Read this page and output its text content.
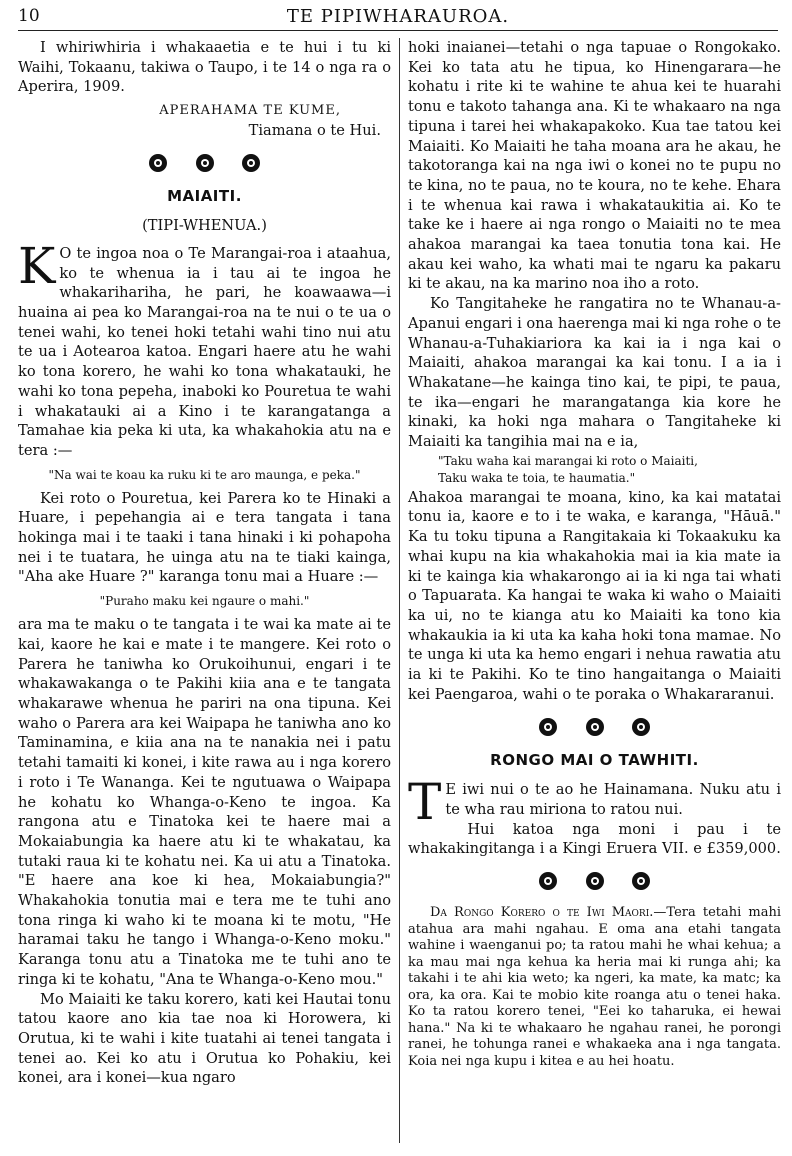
10	TE PIPIWHARAUROA.

I whiriwhiria i whakaaetia e te hui i tu ki Waihi, Tokaanu, takiwa o Taupo, i te 14 o nga ra o Aperira, 1909.

APERAHAMA TE KUME,

Tiamana o te Hui.

MAIAITI.

(TIPI-WHENUA.)

K O te ingoa noa o Te Marangai-roa i ataahua, ko te whenua ia i tau ai te ingoa he whakarihariha, he pari, he koawaawa—i huaina ai pea ko Marangai-roa na te nui o te ua o tenei wahi, ko tenei hoki tetahi wahi tino nui atu te ua i Aotearoa katoa. Engari haere atu he wahi ko tona korero, he wahi ko tona whakatauki, he wahi ko tona pepeha, inaboki ko Pouretua te wahi i whakatauki ai a Kino i te karangatanga a Tamahae kia peka ki uta, ka whakahokia atu na e tera :—

"Na wai te koau ka ruku ki te aro maunga, e peka."

Kei roto o Pouretua, kei Parera ko te Hinaki a Huare, i pepehangia ai e tera tangata i tana hokinga mai i te taaki i tana hinaki i ki pohapoha nei i te tuatara, he uinga atu na te tiaki kainga, "Aha ake Huare ?" karanga tonu mai a Huare :—

"Puraho maku kei ngaure o mahi."

ara ma te maku o te tangata i te wai ka mate ai te kai, kaore he kai e mate i te mangere. Kei roto o Parera he taniwha ko Orukoihunui, engari i te whakawakanga o te Pakihi kiia ana e te tangata whakarawe whenua he pariri na ona tipuna. Kei waho o Parera ara kei Waipapa he taniwha ano ko Taminamina, e kiia ana na te nanakia nei i patu tetahi tamaiti ki konei, i kite rawa au i nga korero i roto i Te Wananga. Kei te ngutuawa o Waipapa he kohatu ko Whanga-o-Keno te ingoa. Ka rangona atu e Tinatoka kei te haere mai a Mokaiabungia ka haere atu ki te whakatau, ka tutaki raua ki te kohatu nei. Ka ui atu a Tinatoka. "E haere ana koe ki hea, Mokaiabungia?" Whakahokia tonutia mai e tera me te tuhi ano tona ringa ki waho ki te moana ki te motu, "He haramai taku he tango i Whanga-o-Keno moku." Karanga tonu atu a Tinatoka me te tuhi ano te ringa ki te kohatu, "Ana te Whanga-o-Keno mou."

Mo Maiaiti ke taku korero, kati kei Hautai tonu tatou kaore ano kia tae noa ki Horowera, ki Orutua, ki te wahi i kite tuatahi ai tenei tangata i tenei ao. Kei ko atu i Orutua ko Pohakiu, kei konei, ara i konei—kua ngaro

hoki inaianei—tetahi o nga tapuae o Rongokako. Kei ko tata atu he tipua, ko Hinengarara—he kohatu i rite ki te wahine te ahua kei te huarahi tonu e takoto tahanga ana. Ki te whakaaro na nga tipuna i tarei hei whakapakoko. Kua tae tatou kei Maiaiti. Ko Maiaiti he taha moana ara he akau, he takotoranga kai na nga iwi o konei no te pupu no te kina, no te paua, no te koura, no te kehe. Ehara i te whenua kai rawa i whakataukitia ai. Ko te take ke i haere ai nga rongo o Maiaiti no te mea ahakoa marangai ka taea tonutia tona kai. He akau kei waho, ka whati mai te ngaru ka pakaru ki te akau, na ka marino noa iho a roto.

Ko Tangitaheke he rangatira no te Whanau-a-Apanui engari i ona haerenga mai ki nga rohe o te Whanau-a-Tuhakiariora ka kai ia i nga kai o Maiaiti, ahakoa marangai ka kai tonu. I a ia i Whakatane—he kainga tino kai, te pipi, te paua, te ika—engari he marangatanga kia kore he kinaki, ka hoki nga mahara o Tangitaheke ki Maiaiti ka tangihia mai na e ia,

"Taku waha kai marangai ki roto o Maiaiti,

Taku waka te toia, te haumatia."

Ahakoa marangai te moana, kino, ka kai matatai tonu ia, kaore e to i te waka, e karanga, "Hāuā." Ka tu toku tipuna a Rangitakaia ki Tokaakuku ka whai kupu na kia whakahokia mai ia kia mate ia ki te kainga kia whakarongo ai ia ki nga tai whati o Tapuarata. Ka hangai te waka ki waho o Maiaiti ka ui, no te kianga atu ko Maiaiti ka tono kia whakaukia ia ki uta ka kaha hoki tona mamae. No te unga ki uta ka hemo engari i nehua rawatia atu ia ki te Pakihi. Ko te tino hangaitanga o Maiaiti kei Paengaroa, wahi o te poraka o Whakararanui.

RONGO MAI O TAWHITI.

T E iwi nui o te ao he Hainamana. Nuku atu i te wha rau miriona to ratou nui.

Hui katoa nga moni i pau i te whakakingitanga i a Kingi Eruera VII. e £359,000.

Da Rongo Korero o te Iwi Maori.—Tera tetahi mahi atahua ara mahi ngahau. E oma ana etahi tangata wahine i waenganui po; ta ratou mahi he whai kehua; a ka mau mai nga kehua ka heria mai ki runga ahi; ka takahi i te ahi kia weto; ka ngeri, ka mate, ka matc; ka ora, ka ora. Kai te mobio kite roanga atu o tenei haka. Ko ta ratou korero tenei, "Eei ko taharuka, ei hewai hana." Na ki te whakaaro he ngahau ranei, he porongi ranei, he tohunga ranei e whakaeka ana i nga tangata. Koia nei nga kupu i kitea e au hei hoatu.
